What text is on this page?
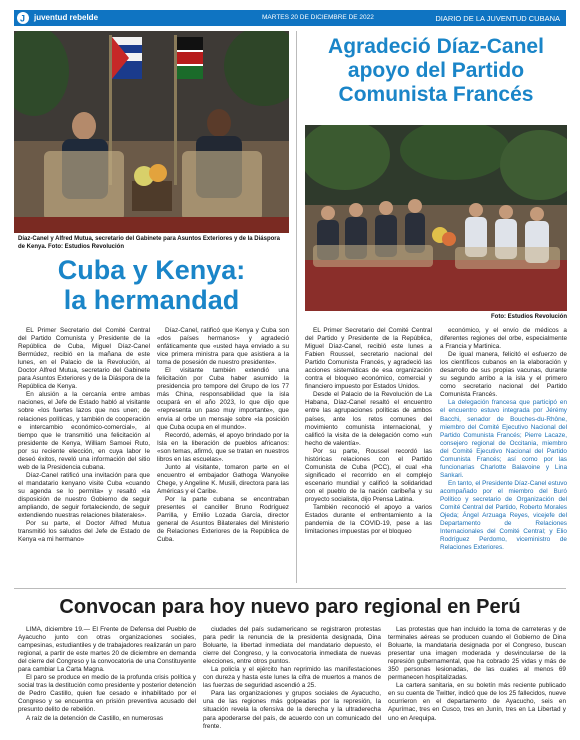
J juventud rebelde	MARTES 20 DE DICIEMBRE DE 2022	DIARIO DE LA JUVENTUD CUBANA
Díaz-Canel y Alfred Mutua, secretario del Gabinete para Asuntos Exteriores y de la Diáspora de Kenya. Foto: Estudios Revolución
Cuba y Kenya:
la hermandad

EL Primer Secretario del Comité Central del Partido Comunista y Presidente de la República de Cuba, Miguel Díaz-Canel Bermúdez, recibió en la mañana de este lunes, en el Palacio de la Revolución, al Doctor Alfred Mutua, secretario del Gabinete para Asuntos Exteriores y de la Diáspora de la República de Kenya.

En alusión a la cercanía entre ambas naciones, el Jefe de Estado habló al visitante sobre «los fuertes lazos que nos unen; de relaciones políticas, y también de cooperación e intercambio económico-comercial», al tiempo que le transmitió una felicitación al presidente de Kenya, William Samoei Ruto, por su reciente elección, en cuya labor le deseó éxitos, reveló una información del sitio web de la Presidencia cubana.

Díaz-Canel ratificó una invitación para que el mandatario kenyano visite Cuba «cuando su agenda se lo permita» y resaltó «la disposición de nuestro Gobierno de seguir ampliando, de seguir fortaleciendo, de seguir extendiendo nuestras relaciones bilaterales».

Por su parte, el Doctor Alfred Mutua transmitió los saludos del Jefe de Estado de Kenya «a mi hermano»

Díaz-Canel, ratificó que Kenya y Cuba son «dos países hermanos» y agradeció enfáticamente que «usted haya enviado a su vice primera ministra para que asistiera a la toma de posesión de nuestro presidente».

El visitante también extendió una felicitación por Cuba haber asumido la presidencia pro tempore del Grupo de los 77 más China, responsabilidad que la isla ocupará en el año 2023, lo que dijo que «representa un paso muy importante», que envía al orbe un mensaje sobre «la posición que Cuba ocupa en el mundo».

Recordó, además, el apoyo brindado por la Isla en la liberación de pueblos africanos: «son temas, afirmó, que se tratan en nuestros libros en las escuelas».

Junto al visitante, tomaron parte en el encuentro el embajador Gathoga Wanyoike Chege, y Angeline K. Musili, directora para las Américas y el Caribe.

Por la parte cubana se encontraban presentes el canciller Bruno Rodríguez Parrilla, y Emilio Lozada García, director general de Asuntos Bilaterales del Ministerio de Relaciones Exteriores de la República de Cuba.

Agradeció Díaz-Canel
apoyo del Partido
Comunista Francés
Foto: Estudios Revolución

EL Primer Secretario del Comité Central del Partido y Presidente de la República, Miguel Díaz-Canel, recibió este lunes a Fabien Roussel, secretario nacional del Partido Comunista Francés, y agradeció las acciones sistemáticas de esa organización contra el bloqueo económico, comercial y financiero impuesto por Estados Unidos.

Desde el Palacio de la Revolución de La Habana, Díaz-Canel resaltó el encuentro entre las agrupaciones políticas de ambos países, ante los retos comunes del movimiento comunista internacional, y calificó la visita de la delegación como «un hecho de valentía».

Por su parte, Roussel recordó las históricas relaciones con el Partido Comunista de Cuba (PCC), el cual «ha significado el recorrido en el complejo escenario mundial y calificó la solidaridad con el pueblo de la nación caribeña y su proyecto socialista, dijo Prensa Latina.

También reconoció el apoyo a varios Estados durante el enfrentamiento a la pandemia de la COVID-19, pese a las limitaciones impuestas por el bloqueo

económico, y el envío de médicos a diferentes regiones del orbe, especialmente a Francia y Martinica.

De igual manera, felicitó el esfuerzo de los científicos cubanos en la elaboración y desarrollo de sus propias vacunas, durante su segundo arribo a la isla y el primero como secretario nacional del Partido Comunista Francés.

La delegación francesa que participó en el encuentro estuvo integrada por Jérémy Bacchi, senador de Bouches-du-Rhône, miembro del Comité Ejecutivo Nacional del Partido Comunista Francés; Pierre Lacaze, consejero regional de Occitania, miembro del Comité Ejecutivo Nacional del Partido Comunista Francés; así como por las funcionarias Charlotte Balavoine y Lina Sankari.

En tanto, el Presidente Díaz-Canel estuvo acompañado por el miembro del Buró Político y secretario de Organización del Comité Central del Partido, Roberto Morales Ojeda; Ángel Arzuaga Reyes, vicejefe del Departamento de Relaciones Internacionales del Comité Central; y Elio Rodríguez Perdomo, viceministro de Relaciones Exteriores.

Convocan para hoy nuevo paro regional en Perú

LIMA, diciembre 19.— El Frente de Defensa del Pueblo de Ayacucho junto con otras organizaciones sociales, campesinas, estudiantiles y de trabajadores realizarán un paro regional, a partir de este martes 20 de diciembre en demanda del cierre del Congreso y la convocatoria de una Constituyente para cambiar La Carta Magna.

El paro se produce en medio de la profunda crisis política y social tras la destitución como presidente y posterior detención de Pedro Castillo, quien fue cesado e inhabilitado por el Congreso y se encuentra en prisión preventiva acusado del presunto delito de rebelión.

A raíz de la detención de Castillo, en numerosas

ciudades del país sudamericano se registraron protestas para pedir la renuncia de la presidenta designada, Dina Boluarte, la libertad inmediata del mandatario depuesto, el cierre del Congreso, y la convocatoria inmediata de nuevas elecciones, entre otros puntos.

La policía y el ejército han reprimido las manifestaciones con dureza y hasta este lunes la cifra de muertos a manos de las fuerzas de seguridad ascendió a 25.

Para las organizaciones y grupos sociales de Ayacucho, una de las regiones más golpeadas por la represión, la situación revela la ofensiva de la derecha y la ultraderecha para apoderarse del país, de acuerdo con un comunicado del frente.

Las protestas que han incluido la toma de carreteras y de terminales aéreas se producen cuando el Gobierno de Dina Boluarte, la mandataria designada por el Congreso, buscan presentar una imagen moderada y desvincularse de la represión gubernamental, que ha cobrado 25 vidas y más de 350 personas lesionadas, de las cuales al menos 69 permanecen hospitalizadas.

La cartera sanitaria, en su boletín más reciente publicado en su cuenta de Twitter, indicó que de los 25 fallecidos, nueve ocurrieron en el departamento de Ayacucho, seis en Apurímac, tres en Cusco, tres en Junín, tres en La Libertad y uno en Arequipa.
